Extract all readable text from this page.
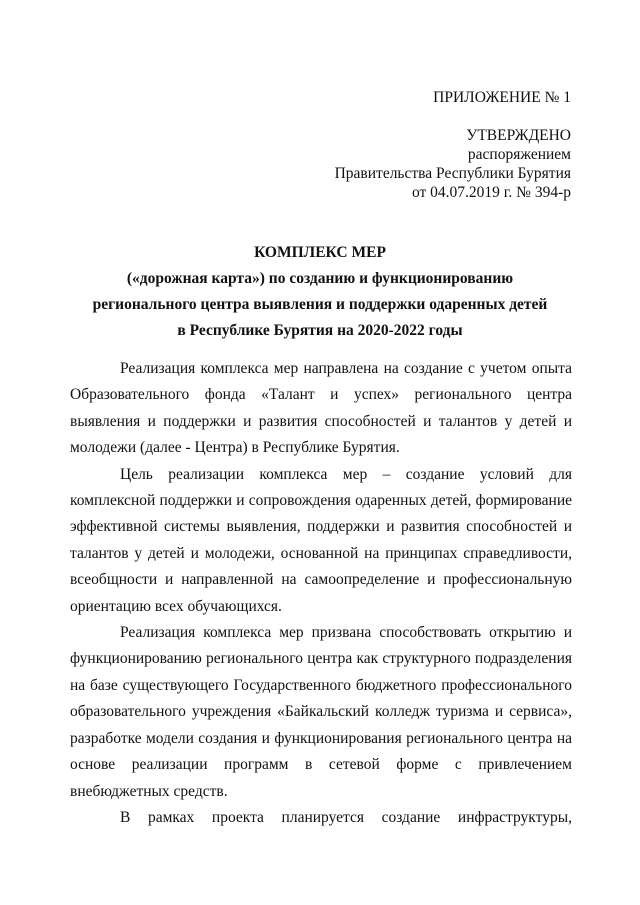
ПРИЛОЖЕНИЕ № 1
УТВЕРЖДЕНО
распоряжением
Правительства Республики Бурятия
от 04.07.2019 г. № 394-р
КОМПЛЕКС МЕР
(«дорожная карта») по созданию и функционированию
регионального центра выявления и поддержки одаренных детей
в Республике Бурятия на 2020-2022 годы

Реализация комплекса мер направлена на создание с учетом опыта Образовательного фонда «Талант и успех» регионального центра выявления и поддержки и развития способностей и талантов у детей и молодежи (далее - Центра) в Республике Бурятия.

Цель реализации комплекса мер – создание условий для комплексной поддержки и сопровождения одаренных детей, формирование эффективной системы выявления, поддержки и развития способностей и талантов у детей и молодежи, основанной на принципах справедливости, всеобщности и направленной на самоопределение и профессиональную ориентацию всех обучающихся.

Реализация комплекса мер призвана способствовать открытию и функционированию регионального центра как структурного подразделения на базе существующего Государственного бюджетного профессионального образовательного учреждения «Байкальский колледж туризма и сервиса», разработке модели создания и функционирования регионального центра на основе реализации программ в сетевой форме с привлечением внебюджетных средств.

В рамках проекта планируется создание инфраструктуры,
